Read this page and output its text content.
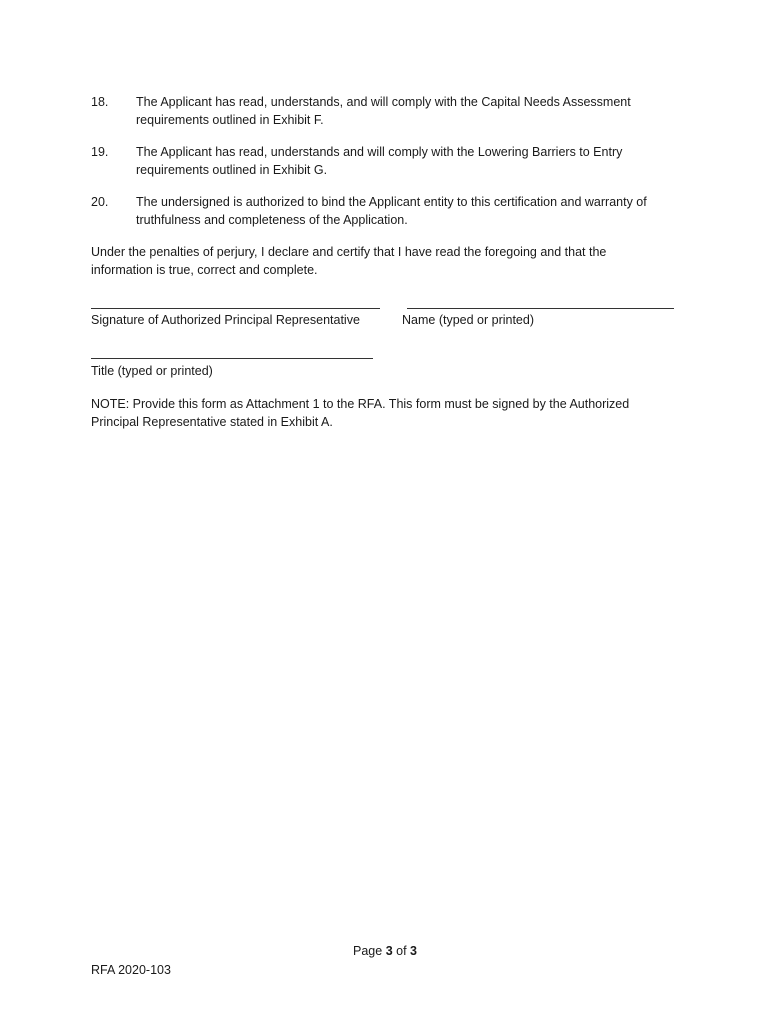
18.	The Applicant has read, understands, and will comply with the Capital Needs Assessment requirements outlined in Exhibit F.
19.	The Applicant has read, understands and will comply with the Lowering Barriers to Entry requirements outlined in Exhibit G.
20.	The undersigned is authorized to bind the Applicant entity to this certification and warranty of truthfulness and completeness of the Application.
Under the penalties of perjury, I declare and certify that I have read the foregoing and that the information is true, correct and complete.
Signature of Authorized Principal Representative	Name (typed or printed)
Title (typed or printed)
NOTE: Provide this form as Attachment 1 to the RFA. This form must be signed by the Authorized Principal Representative stated in Exhibit A.
Page 3 of 3
RFA 2020-103
